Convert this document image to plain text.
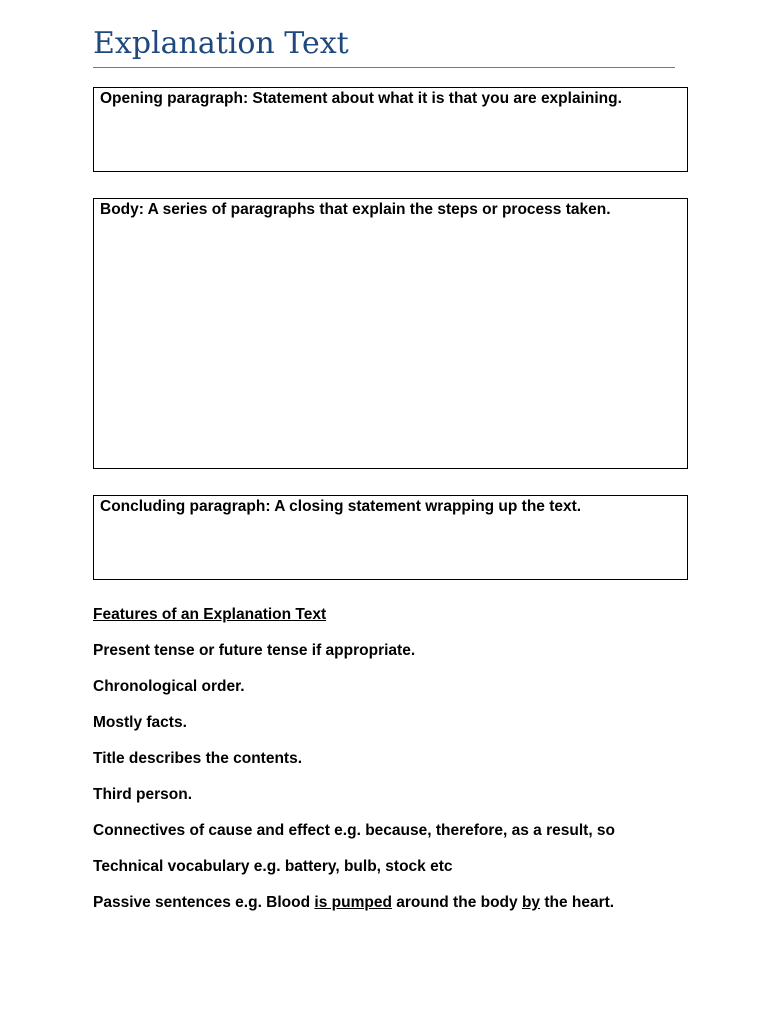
Explanation Text
Opening paragraph: Statement about what it is that you are explaining.
Body: A series of paragraphs that explain the steps or process taken.
Concluding paragraph: A closing statement wrapping up the text.
Features of an Explanation Text
Present tense or future tense if appropriate.
Chronological order.
Mostly facts.
Title describes the contents.
Third person.
Connectives of cause and effect e.g. because, therefore, as a result, so
Technical vocabulary e.g. battery, bulb, stock etc
Passive sentences e.g. Blood is pumped around the body by the heart.
